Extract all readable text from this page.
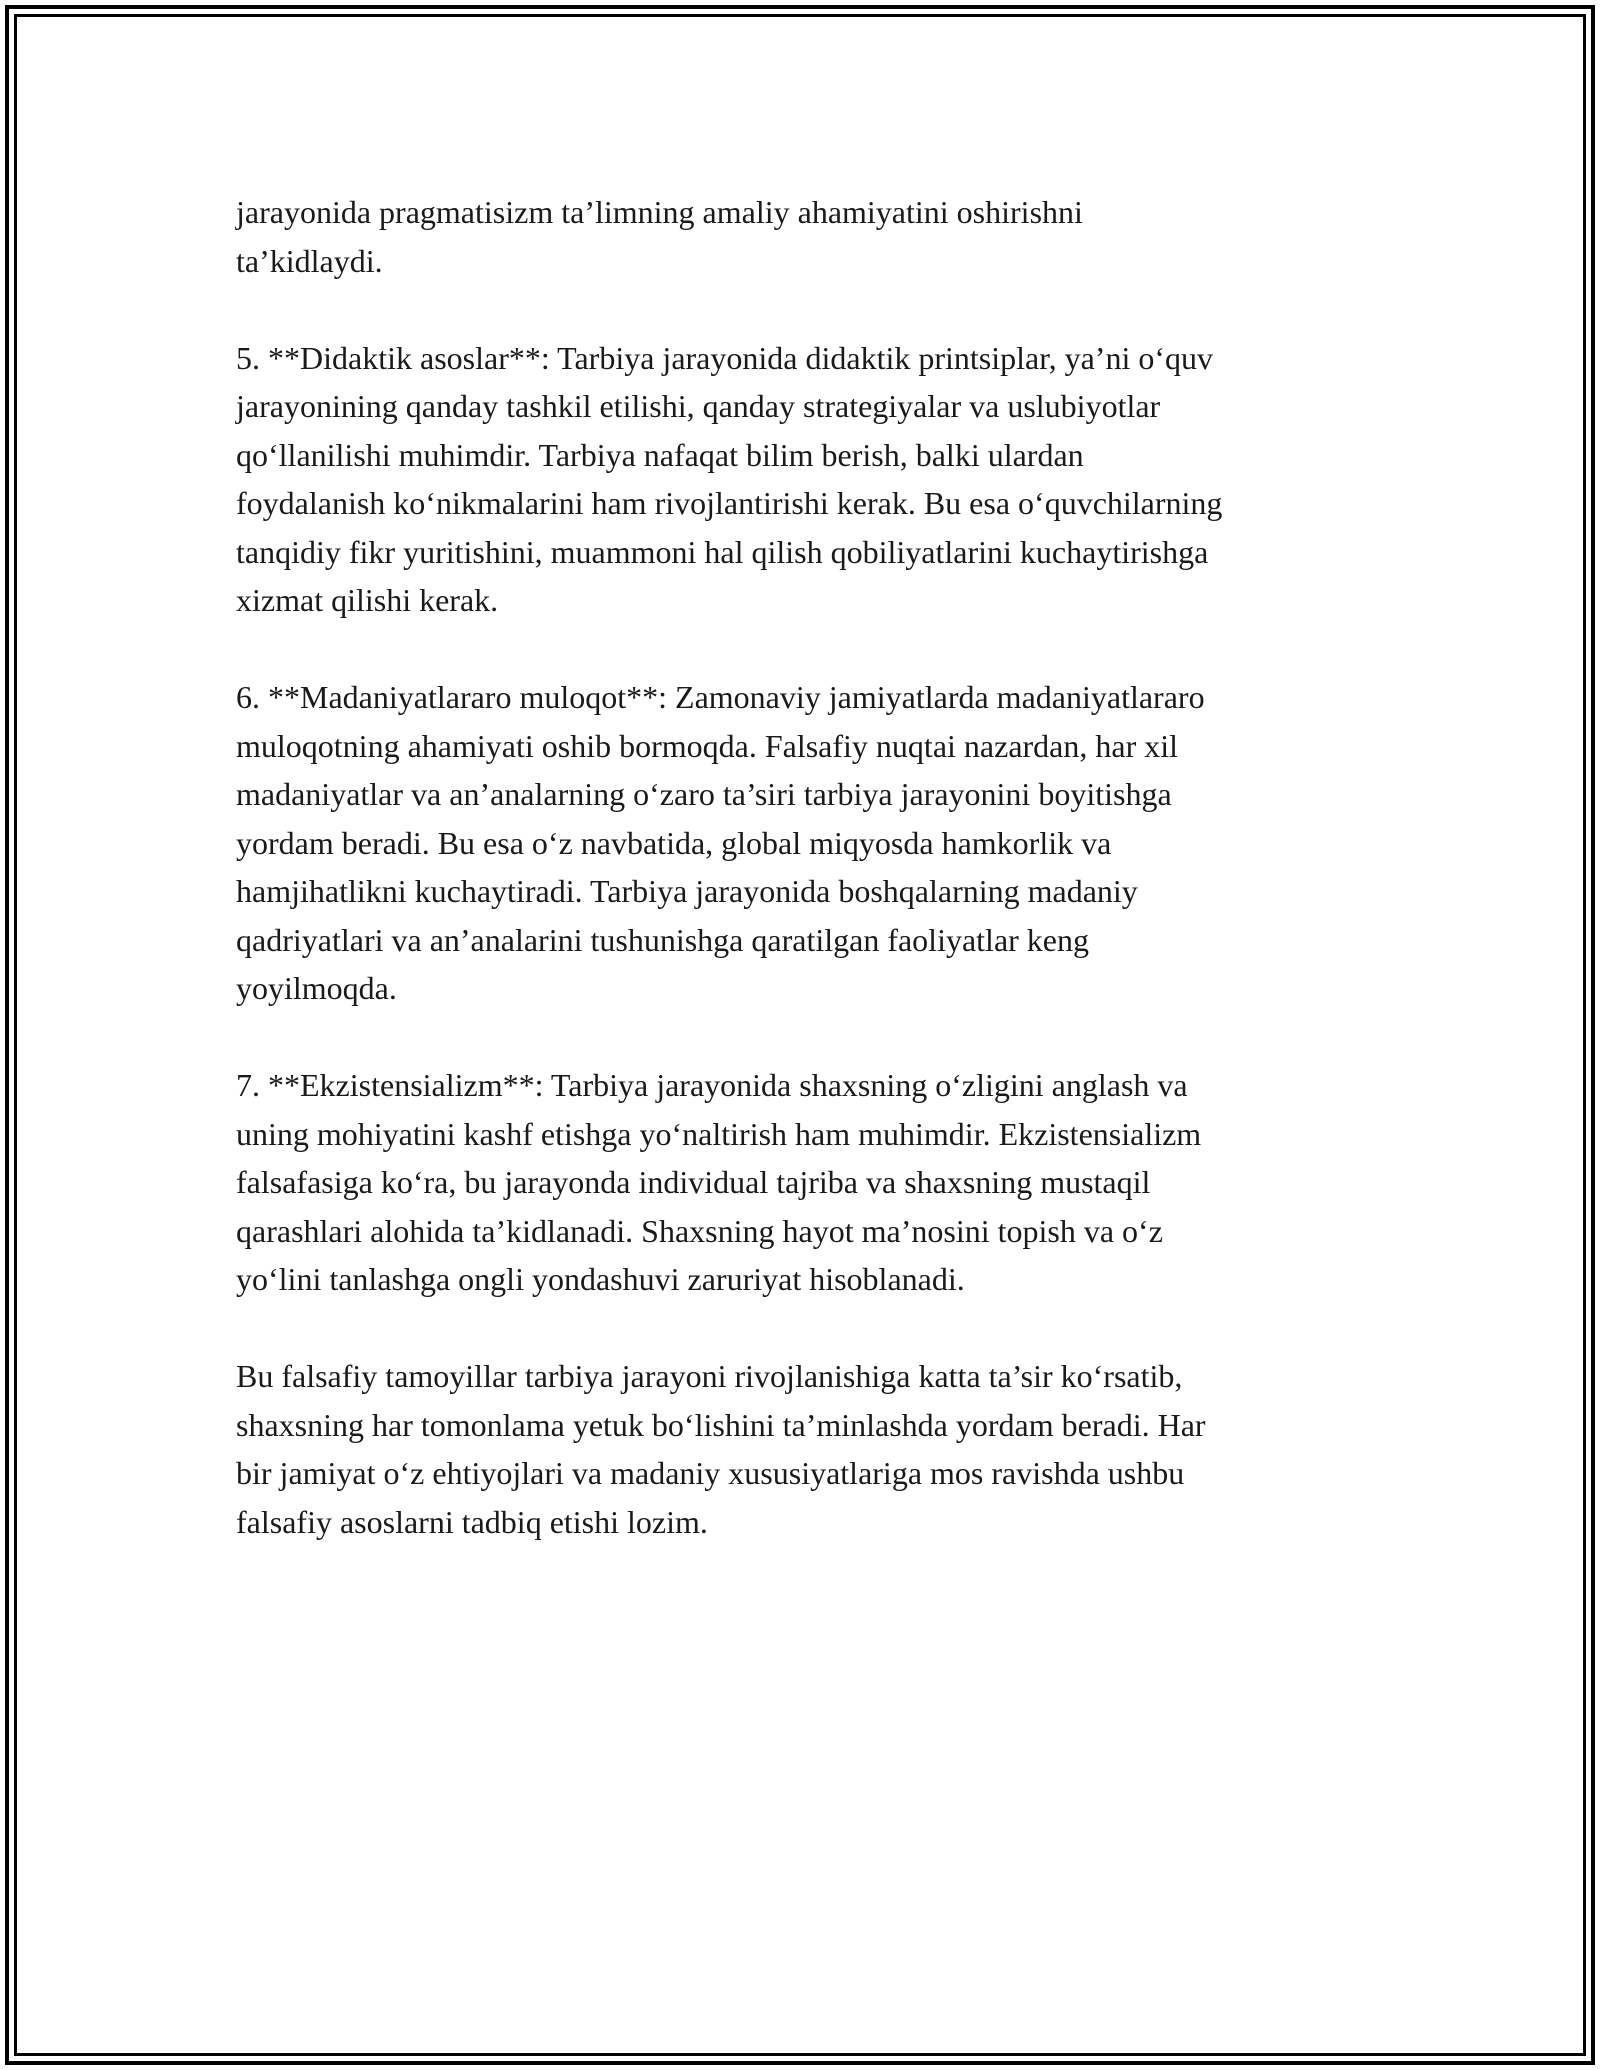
jarayonida pragmatisizm ta’limning amaliy ahamiyatini oshirishni
ta’kidlaydi.
5. **Didaktik asoslar**: Tarbiya jarayonida didaktik printsiplar, ya’ni o‘quv
jarayonining qanday tashkil etilishi, qanday strategiyalar va uslubiyotlar
qo‘llanilishi muhimdir. Tarbiya nafaqat bilim berish, balki ulardan
foydalanish ko‘nikmalarini ham rivojlantirishi kerak. Bu esa o‘quvchilarning
tanqidiy fikr yuritishini, muammoni hal qilish qobiliyatlarini kuchaytirishga
xizmat qilishi kerak.
6. **Madaniyatlararo muloqot**: Zamonaviy jamiyatlarda madaniyatlararo
muloqotning ahamiyati oshib bormoqda. Falsafiy nuqtai nazardan, har xil
madaniyatlar va an’analarning o‘zaro ta’siri tarbiya jarayonini boyitishga
yordam beradi. Bu esa o‘z navbatida, global miqyosda hamkorlik va
hamjihatlikni kuchaytiradi. Tarbiya jarayonida boshqalarning madaniy
qadriyatlari va an’analarini tushunishga qaratilgan faoliyatlar keng
yoyilmoqda.
7. **Ekzistensializm**: Tarbiya jarayonida shaxsning o‘zligini anglash va
uning mohiyatini kashf etishga yo‘naltirish ham muhimdir. Ekzistensializm
falsafasiga ko‘ra, bu jarayonda individual tajriba va shaxsning mustaqil
qarashlari alohida ta’kidlanadi. Shaxsning hayot ma’nosini topish va o‘z
yo‘lini tanlashga ongli yondashuvi zaruriyat hisoblanadi.
Bu falsafiy tamoyillar tarbiya jarayoni rivojlanishiga katta ta’sir ko‘rsatib,
shaxsning har tomonlama yetuk bo‘lishini ta’minlashda yordam beradi. Har
bir jamiyat o‘z ehtiyojlari va madaniy xususiyatlariga mos ravishda ushbu
falsafiy asoslarni tadbiq etishi lozim.
